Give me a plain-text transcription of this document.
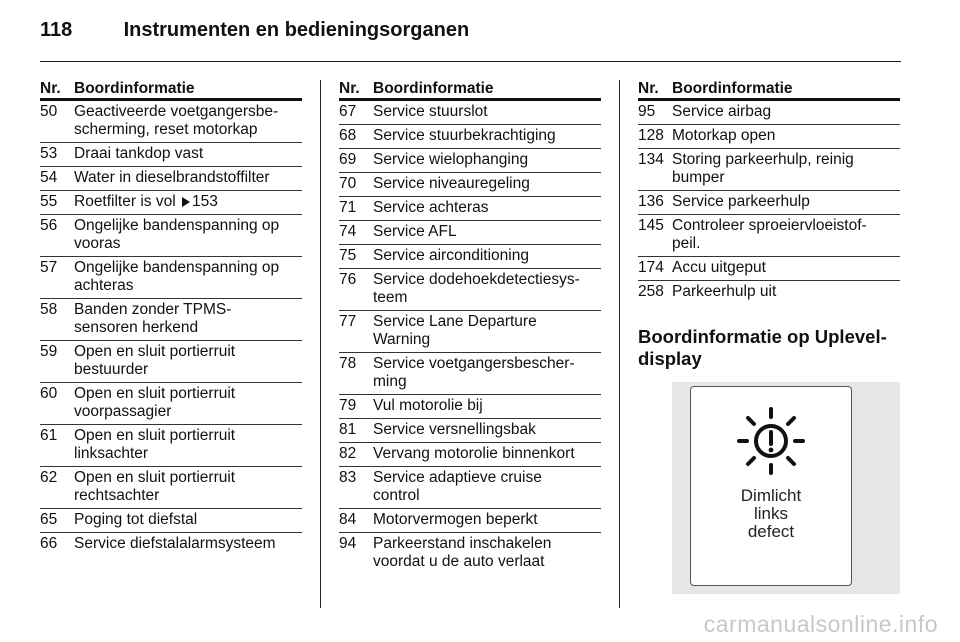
118	Instrumenten en bedieningsorganen
Nr. Boordinformatie
50	Geactiveerde voetgangersbe-
scherming, reset motorkap
53	Draai tankdop vast
54	Water in dieselbrandstoffilter
55	Roetfilter is vol 153
56	Ongelijke bandenspanning op
vooras
57	Ongelijke bandenspanning op
achteras
58	Banden zonder TPMS-
sensoren herkend
59	Open en sluit portierruit
bestuurder
60	Open en sluit portierruit
voorpassagier
61	Open en sluit portierruit
linksachter
62	Open en sluit portierruit
rechtsachter
65	Poging tot diefstal
66	Service diefstalalarmsysteem
Nr. Boordinformatie
67	Service stuurslot
68	Service stuurbekrachtiging
69	Service wielophanging
70	Service niveauregeling
71	Service achteras
74	Service AFL
75	Service airconditioning
76	Service dodehoekdetectiesys-
teem
77	Service Lane Departure
Warning
78	Service voetgangersbescher-
ming
79	Vul motorolie bij
81	Service versnellingsbak
82	Vervang motorolie binnenkort
83	Service adaptieve cruise
control
84	Motorvermogen beperkt
94	Parkeerstand inschakelen
voordat u de auto verlaat
Nr. Boordinformatie
95	Service airbag
128	Motorkap open
134	Storing parkeerhulp, reinig
bumper
136	Service parkeerhulp
145	Controleer sproeiervloeistof-
peil.
174	Accu uitgeput
258	Parkeerhulp uit
Boordinformatie op Uplevel-
display
Dimlicht
links
defect
carmanualsonline.info
